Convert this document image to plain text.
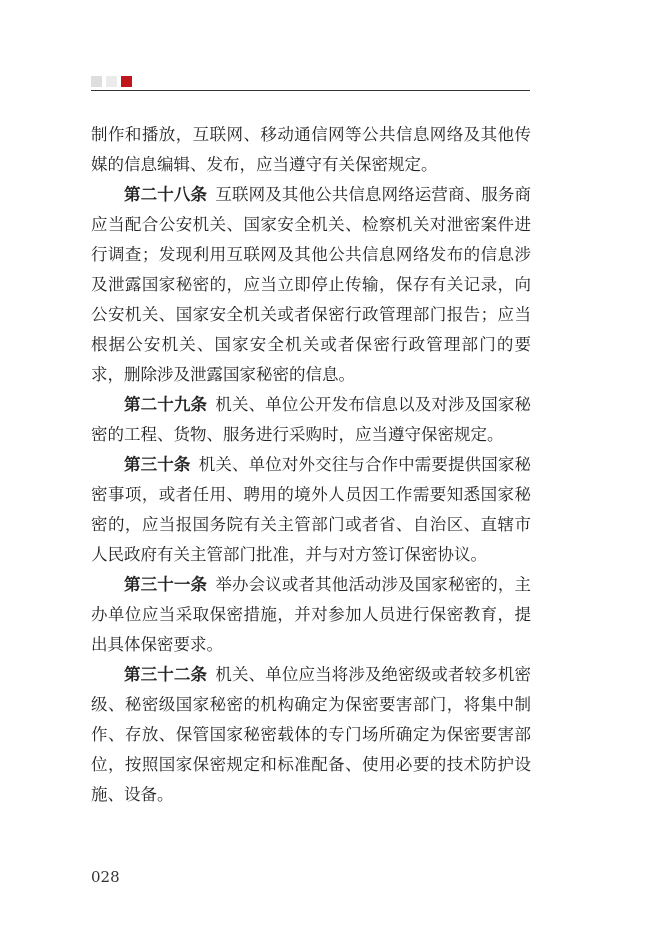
制作和播放，互联网、移动通信网等公共信息网络及其他传媒的信息编辑、发布，应当遵守有关保密规定。

第二十八条 互联网及其他公共信息网络运营商、服务商应当配合公安机关、国家安全机关、检察机关对泄密案件进行调查；发现利用互联网及其他公共信息网络发布的信息涉及泄露国家秘密的，应当立即停止传输，保存有关记录，向公安机关、国家安全机关或者保密行政管理部门报告；应当根据公安机关、国家安全机关或者保密行政管理部门的要求，删除涉及泄露国家秘密的信息。

第二十九条 机关、单位公开发布信息以及对涉及国家秘密的工程、货物、服务进行采购时，应当遵守保密规定。

第三十条 机关、单位对外交往与合作中需要提供国家秘密事项，或者任用、聘用的境外人员因工作需要知悉国家秘密的，应当报国务院有关主管部门或者省、自治区、直辖市人民政府有关主管部门批准，并与对方签订保密协议。

第三十一条 举办会议或者其他活动涉及国家秘密的，主办单位应当采取保密措施，并对参加人员进行保密教育，提出具体保密要求。

第三十二条 机关、单位应当将涉及绝密级或者较多机密级、秘密级国家秘密的机构确定为保密要害部门，将集中制作、存放、保管国家秘密载体的专门场所确定为保密要害部位，按照国家保密规定和标准配备、使用必要的技术防护设施、设备。

028
